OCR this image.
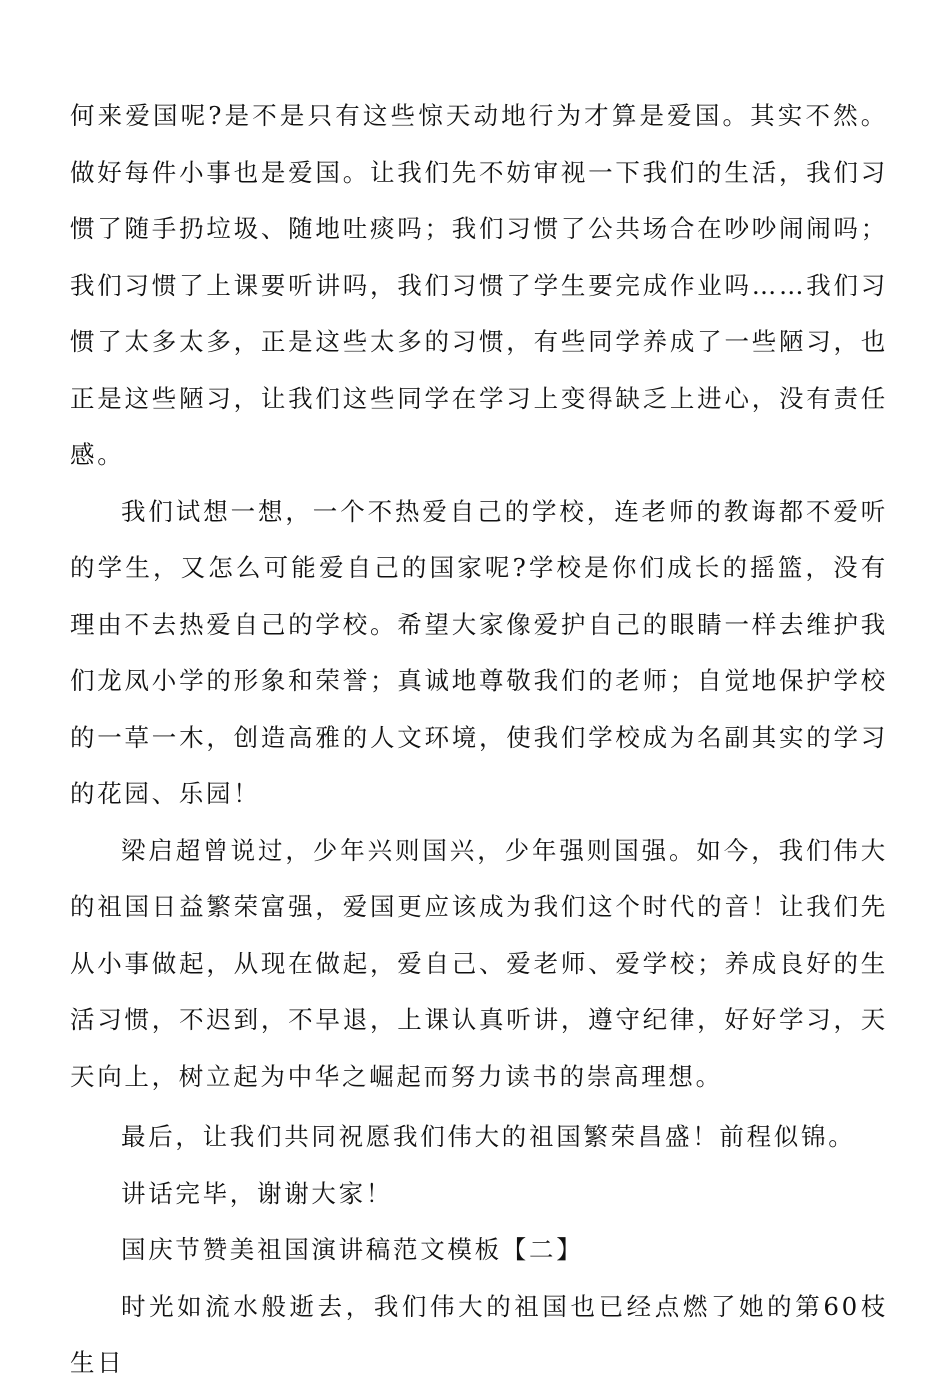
何来爱国呢?是不是只有这些惊天动地行为才算是爱国。其实不然。做好每件小事也是爱国。让我们先不妨审视一下我们的生活，我们习惯了随手扔垃圾、随地吐痰吗；我们习惯了公共场合在吵吵闹闹吗；我们习惯了上课要听讲吗，我们习惯了学生要完成作业吗……我们习惯了太多太多，正是这些太多的习惯，有些同学养成了一些陋习，也正是这些陋习，让我们这些同学在学习上变得缺乏上进心，没有责任感。

我们试想一想，一个不热爱自己的学校，连老师的教诲都不爱听的学生，又怎么可能爱自己的国家呢?学校是你们成长的摇篮，没有理由不去热爱自己的学校。希望大家像爱护自己的眼睛一样去维护我们龙凤小学的形象和荣誉；真诚地尊敬我们的老师；自觉地保护学校的一草一木，创造高雅的人文环境，使我们学校成为名副其实的学习的花园、乐园！

梁启超曾说过，少年兴则国兴，少年强则国强。如今，我们伟大的祖国日益繁荣富强，爱国更应该成为我们这个时代的音！让我们先从小事做起，从现在做起，爱自己、爱老师、爱学校；养成良好的生活习惯，不迟到，不早退，上课认真听讲，遵守纪律，好好学习，天天向上，树立起为中华之崛起而努力读书的崇高理想。

最后，让我们共同祝愿我们伟大的祖国繁荣昌盛！前程似锦。

讲话完毕，谢谢大家！

国庆节赞美祖国演讲稿范文模板【二】

时光如流水般逝去，我们伟大的祖国也已经点燃了她的第60枝生日
